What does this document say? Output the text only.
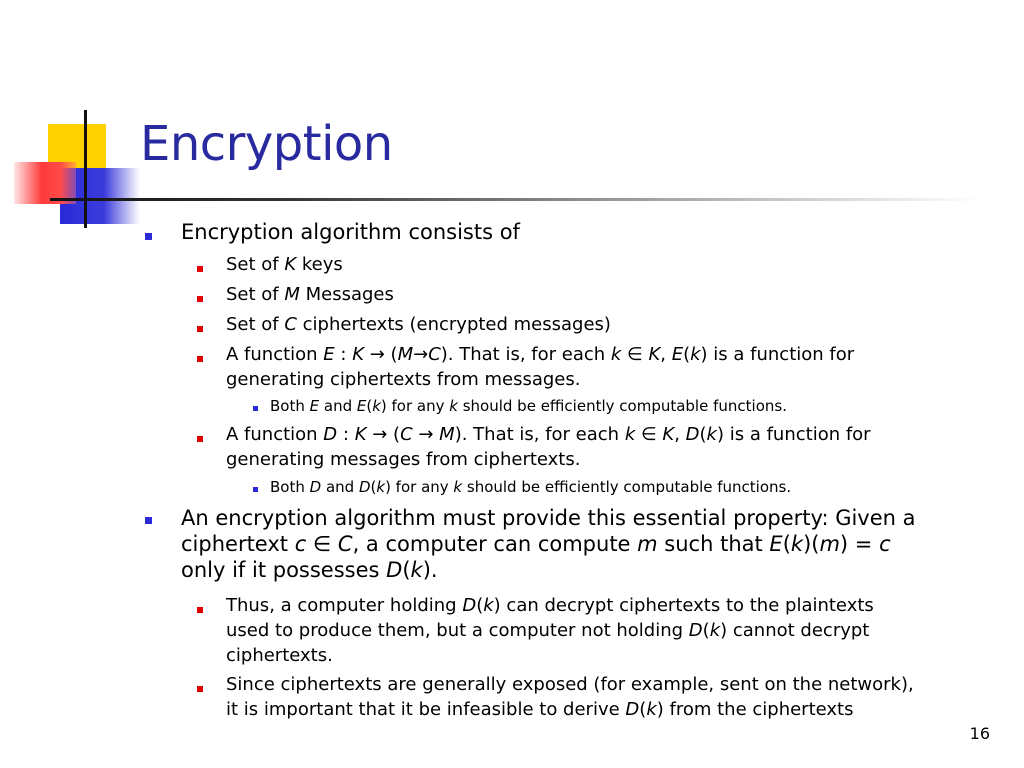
Encryption
Encryption algorithm consists of
Set of K keys
Set of M Messages
Set of C ciphertexts (encrypted messages)
A function E : K → (M→C). That is, for each k ∈ K, E(k) is a function for
generating ciphertexts from messages.
Both E and E(k) for any k should be efficiently computable functions.
A function D : K → (C → M). That is, for each k ∈ K, D(k) is a function for
generating messages from ciphertexts.
Both D and D(k) for any k should be efficiently computable functions.
An encryption algorithm must provide this essential property: Given a
ciphertext c ∈ C, a computer can compute m such that E(k)(m) = c
only if it possesses D(k).
Thus, a computer holding D(k) can decrypt ciphertexts to the plaintexts
used to produce them, but a computer not holding D(k) cannot decrypt
ciphertexts.
Since ciphertexts are generally exposed (for example, sent on the network),
it is important that it be infeasible to derive D(k) from the ciphertexts
16
